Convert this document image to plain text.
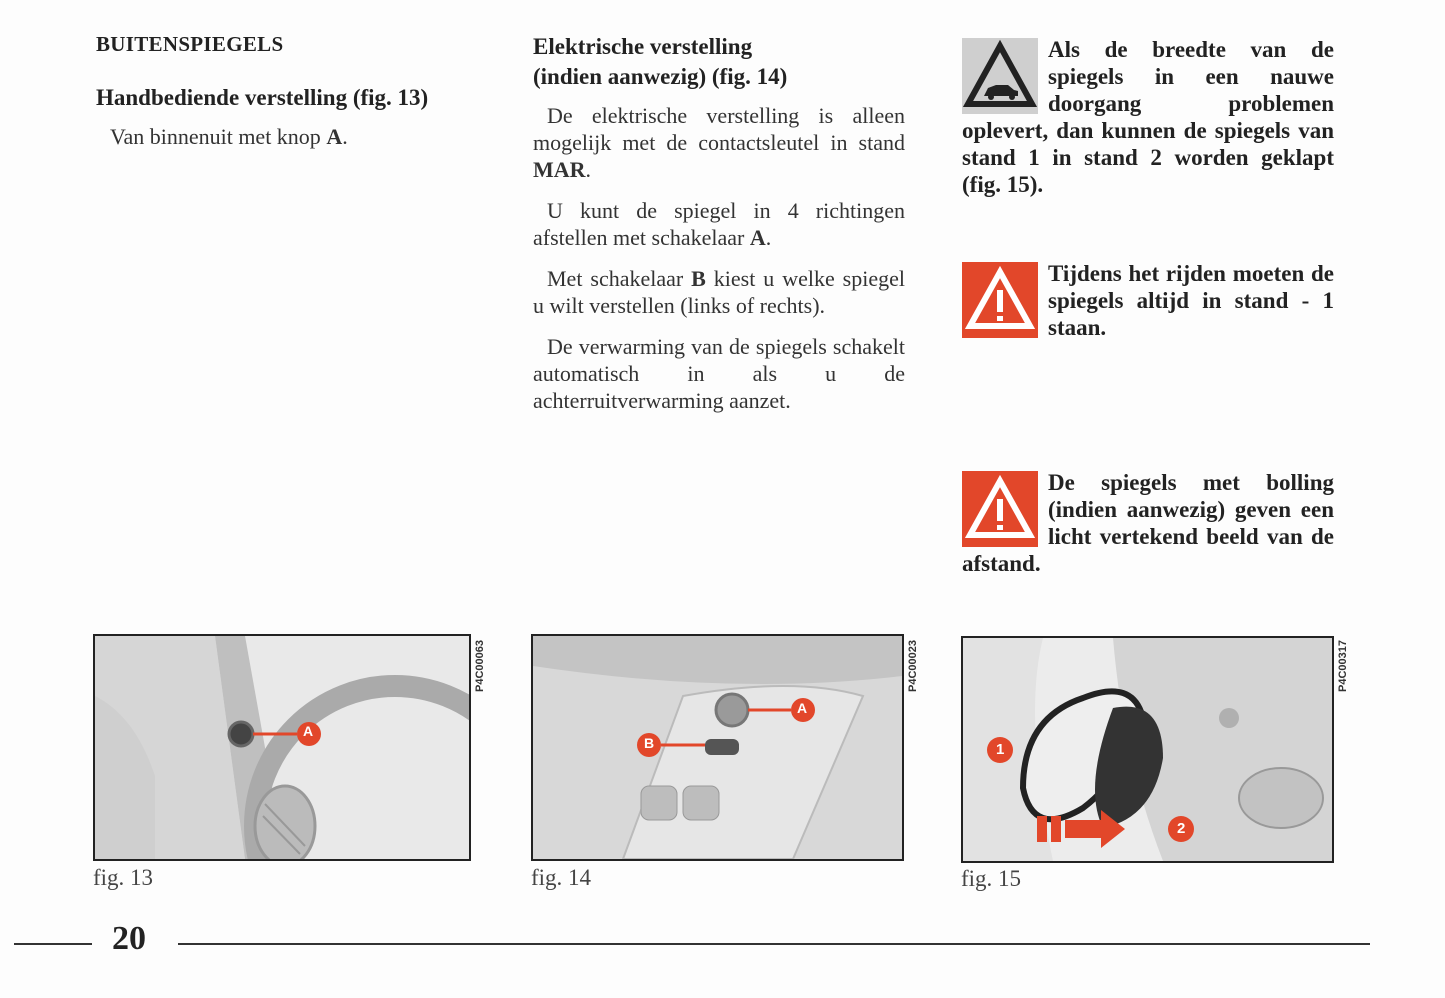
BUITENSPIEGELS
Handbediende verstelling (fig. 13)

Van binnenuit met knop A.

Elektrische verstelling
(indien aanwezig) (fig. 14)

De elektrische verstelling is alleen mogelijk met de contactsleutel in stand MAR.

U kunt de spiegel in 4 richtingen afstellen met schakelaar A.

Met schakelaar B kiest u welke spiegel u wilt verstellen (links of rechts).

De verwarming van de spiegels schakelt automatisch in als u de achterruitverwarming aanzet.

Als de breedte van de spiegels in een nauwe doorgang problemen oplevert, dan kunnen de spiegels van stand 1 in stand 2 worden geklapt (fig. 15).

Tijdens het rijden moeten de spiegels altijd in stand - 1 staan.

De spiegels met bolling (indien aanwezig) geven een licht vertekend beeld van de afstand.

A
P4C00063
fig. 13
A
B
P4C00023
fig. 14
1
2
P4C00317
fig. 15
20
